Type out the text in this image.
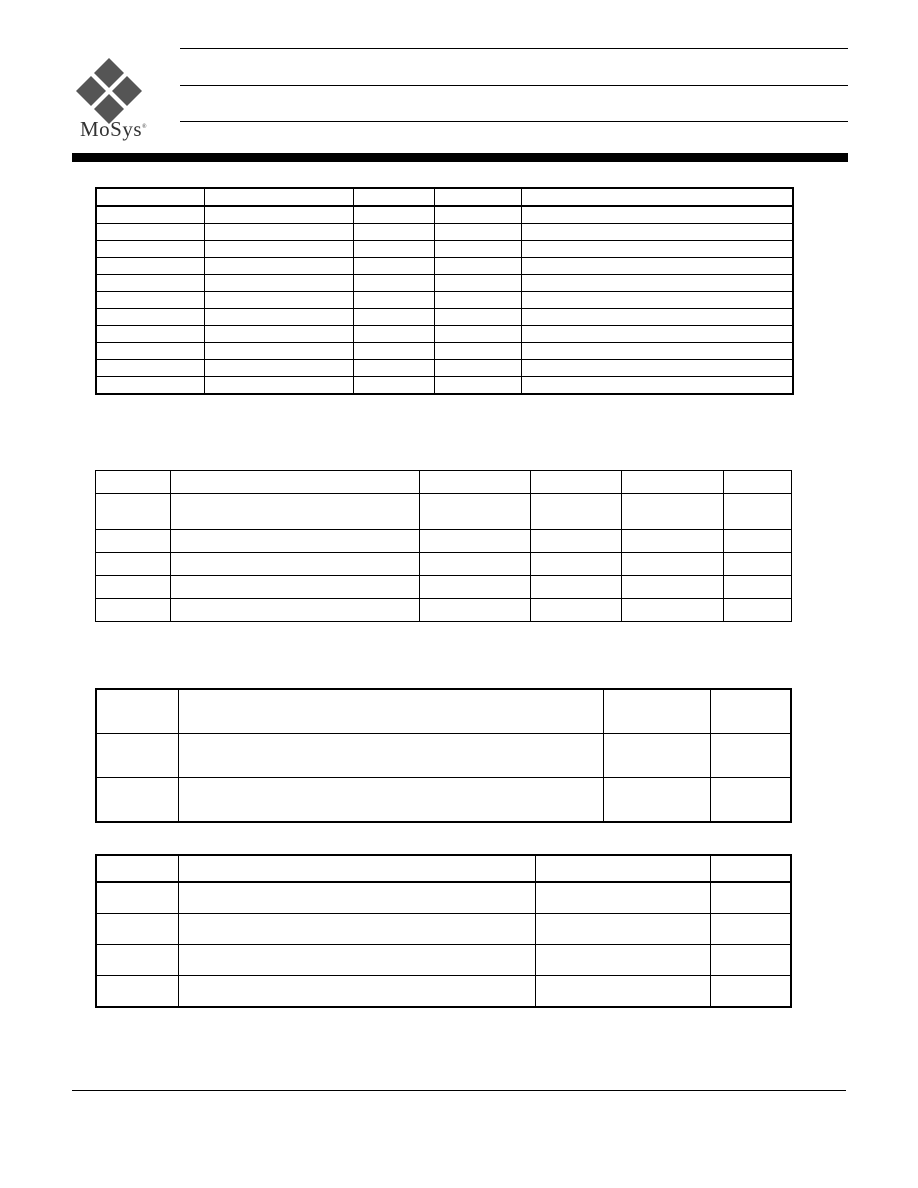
MoSys®
